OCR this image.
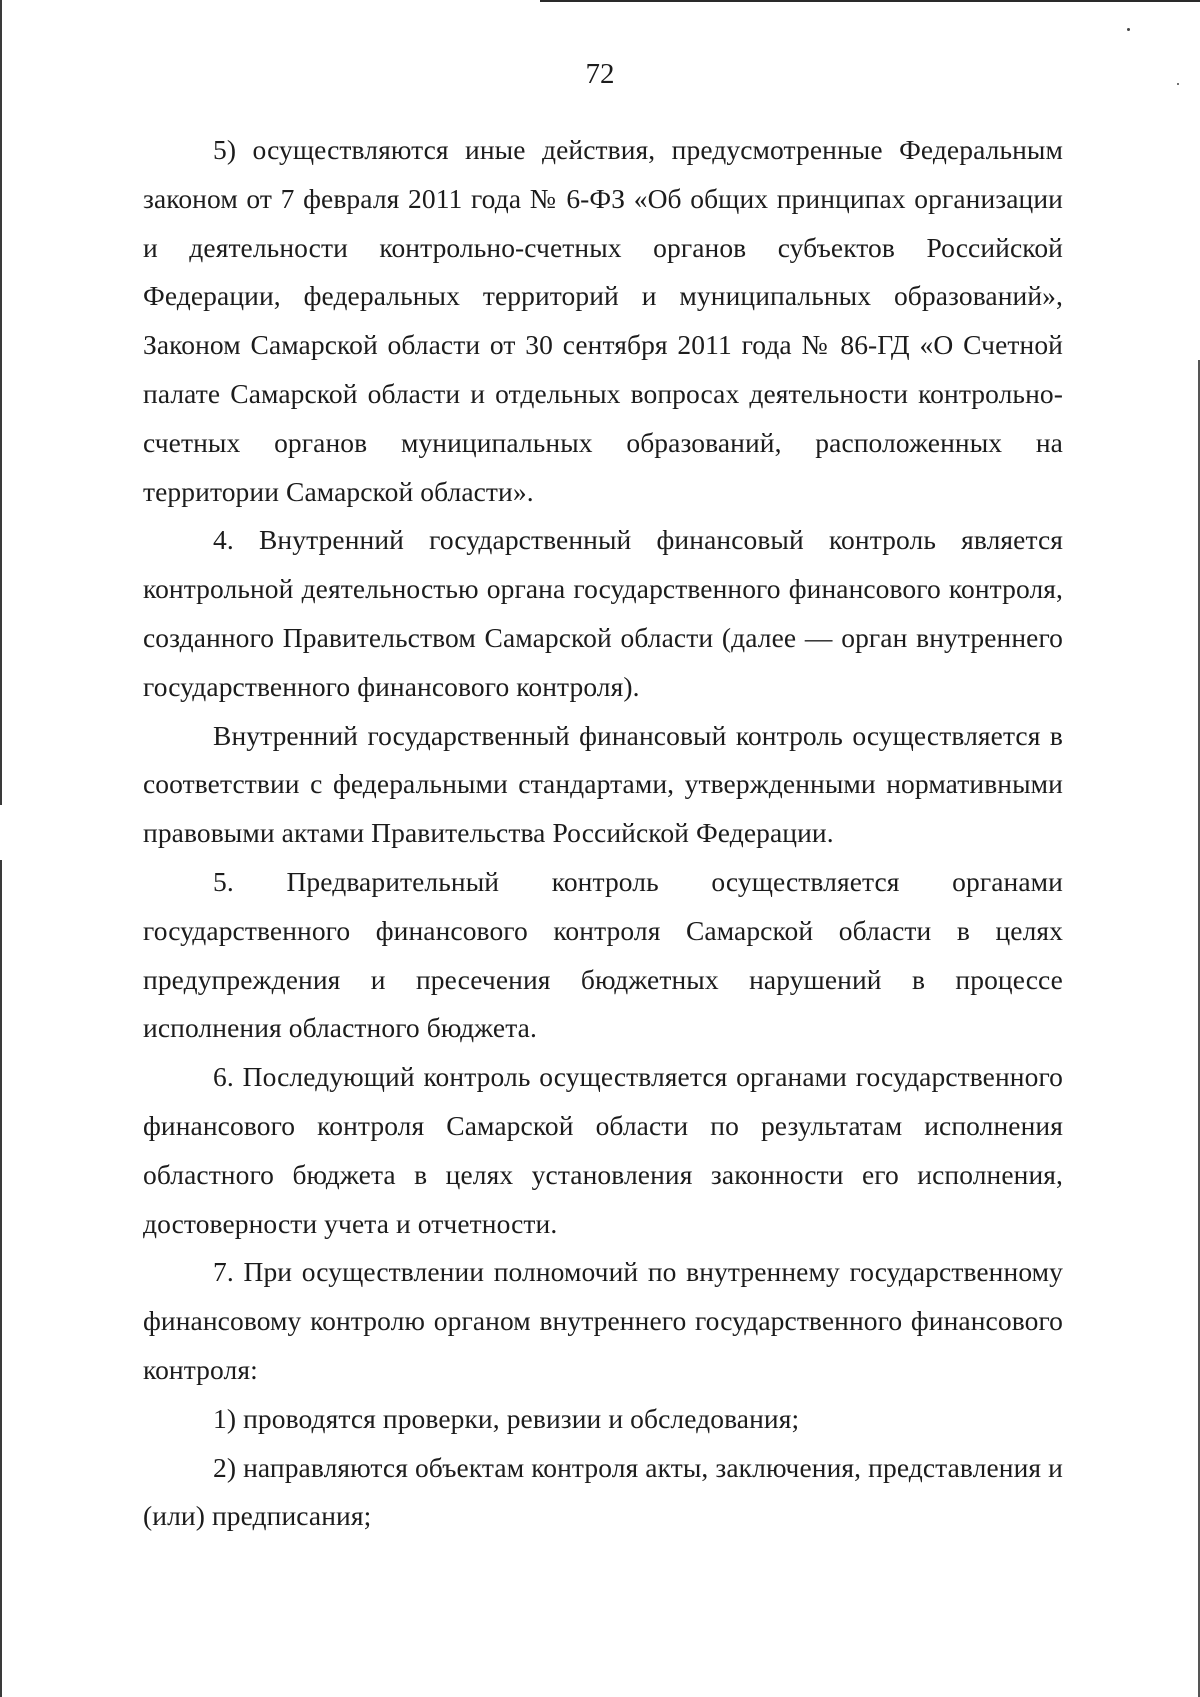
72

5) осуществляются иные действия, предусмотренные Федеральным законом от 7 февраля 2011 года № 6-ФЗ «Об общих принципах организации и деятельности контрольно-счетных органов субъектов Российской Федерации, федеральных территорий и муниципальных образований», Законом Самарской области от 30 сентября 2011 года № 86-ГД «О Счетной палате Самарской области и отдельных вопросах деятельности контрольно-счетных органов муниципальных образований, расположенных на территории Самарской области».

4. Внутренний государственный финансовый контроль является контрольной деятельностью органа государственного финансового контроля, созданного Правительством Самарской области (далее — орган внутреннего государственного финансового контроля).

Внутренний государственный финансовый контроль осуществляется в соответствии с федеральными стандартами, утвержденными нормативными правовыми актами Правительства Российской Федерации.

5. Предварительный контроль осуществляется органами государственного финансового контроля Самарской области в целях предупреждения и пресечения бюджетных нарушений в процессе исполнения областного бюджета.

6. Последующий контроль осуществляется органами государственного финансового контроля Самарской области по результатам исполнения областного бюджета в целях установления законности его исполнения, достоверности учета и отчетности.

7. При осуществлении полномочий по внутреннему государственному финансовому контролю органом внутреннего государственного финансового контроля:

1) проводятся проверки, ревизии и обследования;

2) направляются объектам контроля акты, заключения, представления и (или) предписания;
